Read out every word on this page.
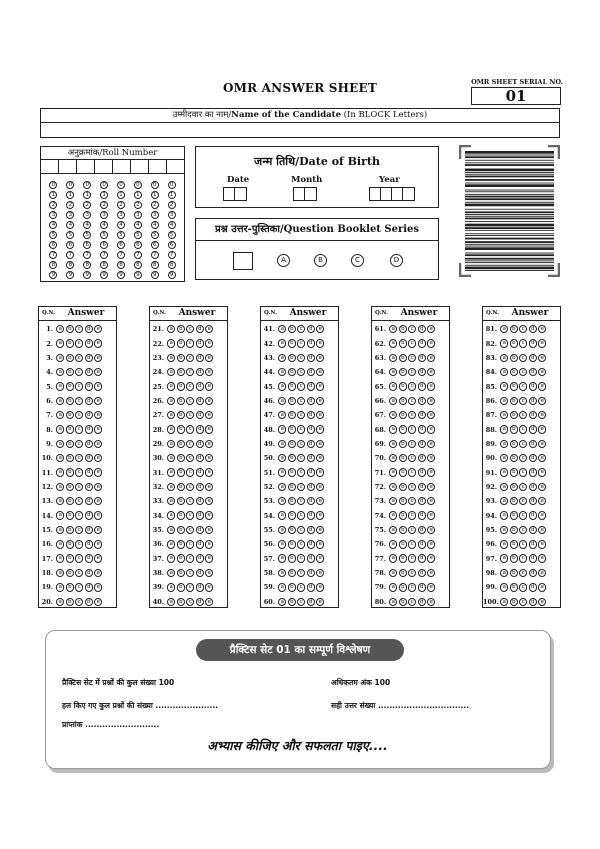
OMR ANSWER SHEET	OMR SHEET SERIAL NO.
01
उम्मीदवार का नाम/Name of the Candidate (In BLOCK Letters)
अनुक्रमांक/Roll Number
0	0	0	0	0	0	0	0
1	1	1	1	1	1	1	1
2	2	2	2	2	2	2	2
3	3	3	3	3	3	3	3
4	4	4	4	4	4	4	4
5	5	5	5	5	5	5	5
6	6	6	6	6	6	6	6
7	7	7	7	7	7	7	7
8	8	8	8	8	8	8	8
9	9	9	9	9	9	9	9
जन्म तिथि/Date of Birth
Date	Month	Year
प्रश्न उत्तर-पुस्तिका/Question Booklet Series
A	B	C	D
Q.N.	Answer
1.	a	b	c	d	e
2.	a	b	c	d	e
3.	a	b	c	d	e
4.	a	b	c	d	e
5.	a	b	c	d	e
6.	a	b	c	d	e
7.	a	b	c	d	e
8.	a	b	c	d	e
9.	a	b	c	d	e
10.	a	b	c	d	e
11.	a	b	c	d	e
12.	a	b	c	d	e
13.	a	b	c	d	e
14.	a	b	c	d	e
15.	a	b	c	d	e
16.	a	b	c	d	e
17.	a	b	c	d	e
18.	a	b	c	d	e
19.	a	b	c	d	e
20.	a	b	c	d	e
Q.N.	Answer
21.	a	b	c	d	e
22.	a	b	c	d	e
23.	a	b	c	d	e
24.	a	b	c	d	e
25.	a	b	c	d	e
26.	a	b	c	d	e
27.	a	b	c	d	e
28.	a	b	c	d	e
29.	a	b	c	d	e
30.	a	b	c	d	e
31.	a	b	c	d	e
32.	a	b	c	d	e
33.	a	b	c	d	e
34.	a	b	c	d	e
35.	a	b	c	d	e
36.	a	b	c	d	e
37.	a	b	c	d	e
38.	a	b	c	d	e
39.	a	b	c	d	e
40.	a	b	c	d	e
Q.N.	Answer
41.	a	b	c	d	e
42.	a	b	c	d	e
43.	a	b	c	d	e
44.	a	b	c	d	e
45.	a	b	c	d	e
46.	a	b	c	d	e
47.	a	b	c	d	e
48.	a	b	c	d	e
49.	a	b	c	d	e
50.	a	b	c	d	e
51.	a	b	c	d	e
52.	a	b	c	d	e
53.	a	b	c	d	e
54.	a	b	c	d	e
55.	a	b	c	d	e
56.	a	b	c	d	e
57.	a	b	c	d	e
58.	a	b	c	d	e
59.	a	b	c	d	e
60.	a	b	c	d	e
Q.N.	Answer
61.	a	b	c	d	e
62.	a	b	c	d	e
63.	a	b	c	d	e
64.	a	b	c	d	e
65.	a	b	c	d	e
66.	a	b	c	d	e
67.	a	b	c	d	e
68.	a	b	c	d	e
69.	a	b	c	d	e
70.	a	b	c	d	e
71.	a	b	c	d	e
72.	a	b	c	d	e
73.	a	b	c	d	e
74.	a	b	c	d	e
75.	a	b	c	d	e
76.	a	b	c	d	e
77.	a	b	c	d	e
78.	a	b	c	d	e
79.	a	b	c	d	e
80.	a	b	c	d	e
Q.N.	Answer
81.	a	b	c	d	e
82.	a	b	c	d	e
83.	a	b	c	d	e
84.	a	b	c	d	e
85.	a	b	c	d	e
86.	a	b	c	d	e
87.	a	b	c	d	e
88.	a	b	c	d	e
89.	a	b	c	d	e
90.	a	b	c	d	e
91.	a	b	c	d	e
92.	a	b	c	d	e
93.	a	b	c	d	e
94.	a	b	c	d	e
95.	a	b	c	d	e
96.	a	b	c	d	e
97.	a	b	c	d	e
98.	a	b	c	d	e
99.	a	b	c	d	e
100. a	b	c	d	e
प्रैक्टिस सेट 01 का सम्पूर्ण विश्लेषण
प्रैक्टिस सेट में प्रश्नों की कुल संख्या 100	अधिकतम अंक 100
हल किए गए कुल प्रश्नों की संख्या ......................	सही उत्तर संख्या ................................
प्राप्तांक ..........................
अभ्यास कीजिए और सफलता पाइए....
